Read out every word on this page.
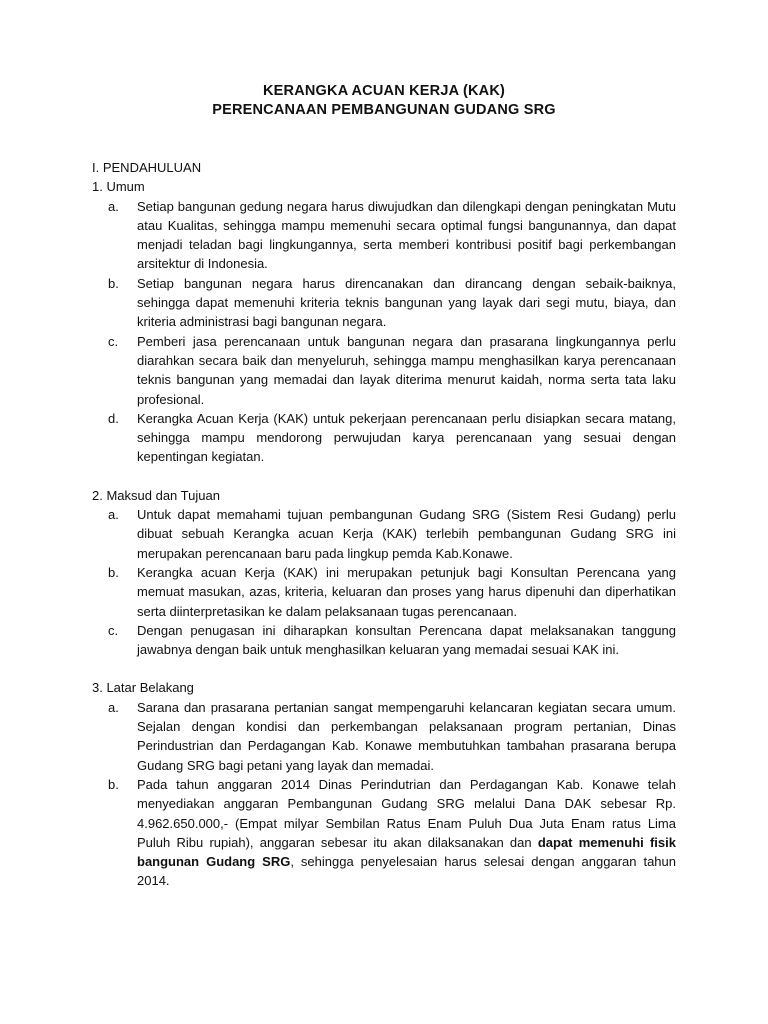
KERANGKA ACUAN KERJA (KAK)
PERENCANAAN PEMBANGUNAN GUDANG SRG
I. PENDAHULUAN
1. Umum
a. Setiap bangunan gedung negara harus diwujudkan dan dilengkapi dengan peningkatan Mutu atau Kualitas, sehingga mampu memenuhi secara optimal fungsi bangunannya, dan dapat menjadi teladan bagi lingkungannya, serta memberi kontribusi positif bagi perkembangan arsitektur di Indonesia.
b. Setiap bangunan negara harus direncanakan dan dirancang dengan sebaik-baiknya, sehingga dapat memenuhi kriteria teknis bangunan yang layak dari segi mutu, biaya, dan kriteria administrasi bagi bangunan negara.
c. Pemberi jasa perencanaan untuk bangunan negara dan prasarana lingkungannya perlu diarahkan secara baik dan menyeluruh, sehingga mampu menghasilkan karya perencanaan teknis bangunan yang memadai dan layak diterima menurut kaidah, norma serta tata laku profesional.
d. Kerangka Acuan Kerja (KAK) untuk pekerjaan perencanaan perlu disiapkan secara matang, sehingga mampu mendorong perwujudan karya perencanaan yang sesuai dengan kepentingan kegiatan.
2. Maksud dan Tujuan
a. Untuk dapat memahami tujuan pembangunan Gudang SRG (Sistem Resi Gudang) perlu dibuat sebuah Kerangka acuan Kerja (KAK) terlebih pembangunan Gudang SRG ini merupakan perencanaan baru pada lingkup pemda Kab.Konawe.
b. Kerangka acuan Kerja (KAK) ini merupakan petunjuk bagi Konsultan Perencana yang memuat masukan, azas, kriteria, keluaran dan proses yang harus dipenuhi dan diperhatikan serta diinterpretasikan ke dalam pelaksanaan tugas perencanaan.
c. Dengan penugasan ini diharapkan konsultan Perencana dapat melaksanakan tanggung jawabnya dengan baik untuk menghasilkan keluaran yang memadai sesuai KAK ini.
3. Latar Belakang
a. Sarana dan prasarana pertanian sangat mempengaruhi kelancaran kegiatan secara umum. Sejalan dengan kondisi dan perkembangan pelaksanaan program pertanian, Dinas Perindustrian dan Perdagangan Kab. Konawe membutuhkan tambahan prasarana berupa Gudang SRG bagi petani yang layak dan memadai.
b. Pada tahun anggaran 2014 Dinas Perindutrian dan Perdagangan Kab. Konawe telah menyediakan anggaran Pembangunan Gudang SRG melalui Dana DAK sebesar Rp. 4.962.650.000,- (Empat milyar Sembilan Ratus Enam Puluh Dua Juta Enam ratus Lima Puluh Ribu rupiah), anggaran sebesar itu akan dilaksanakan dan dapat memenuhi fisik bangunan Gudang SRG, sehingga penyelesaian harus selesai dengan anggaran tahun 2014.
